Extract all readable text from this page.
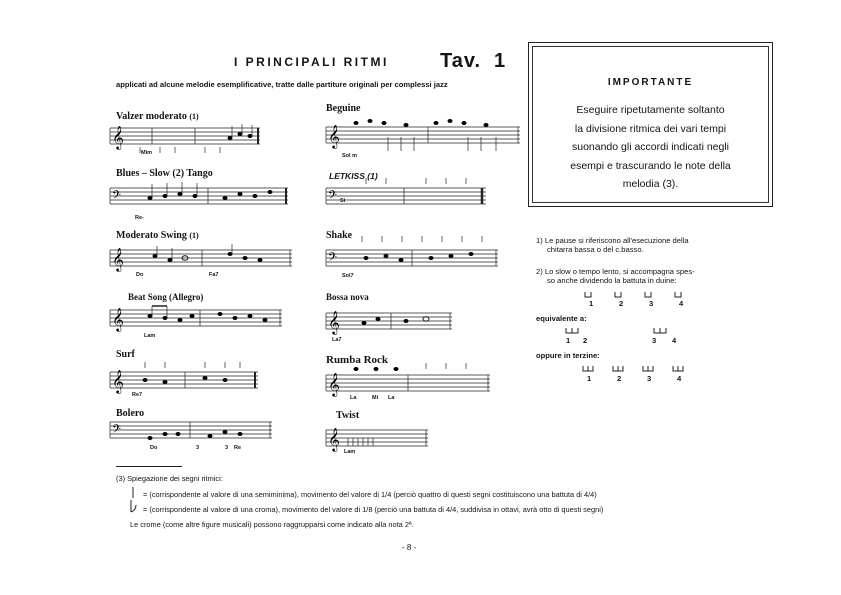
I PRINCIPALI RITMI	Tav. 1
applicati ad alcune melodie esemplificative, tratte dalle partiture originali per complessi jazz	IMPORTANTE
Eseguire ripetutamente soltanto
la divisione ritmica dei vari tempi
suonando gli accordi indicati negli
esempi e trascurando le note della
melodia (3).
Valzer moderato (1)
𝄞
Mim
Blues – Slow (2) Tango
𝄢
Re-
Moderato Swing (1)
𝄞
Do	Fa7
Beat Song (Allegro)
𝄞
Lam
Surf
𝄞
Re7
Bolero
𝄢
Do	3	3 Re
Beguine
𝄞
Sol m
LETKISS (1)
𝄢 Si
Shake
𝄢
Sol7
Bossa nova
𝄞
La7
Rumba Rock
𝄞
La	Mi La
Twist
𝄞
Lam
1) Le pause si riferiscono all'esecuzione della
chitarra bassa o del c.basso.
2) Lo slow o tempo lento, si accompagna spes-
so anche dividendo la battuta in duine:
1	2	3	4
equivalente a:
1 2	3 4
oppure in terzine:
1	2	3	4
(3) Spiegazione dei segni ritmici:
= (corrispondente al valore di una semiminima), movimento del valore di 1/4 (perciò quattro di questi segni costituiscono una battuta di 4/4)
= (corrispondente al valore di una croma), movimento del valore di 1/8 (perciò una battuta di 4/4, suddivisa in ottavi, avrà otto di questi segni)
Le crome (come altre figure musicali) possono raggrupparsi come indicato alla nota 2ª.
- 8 -
